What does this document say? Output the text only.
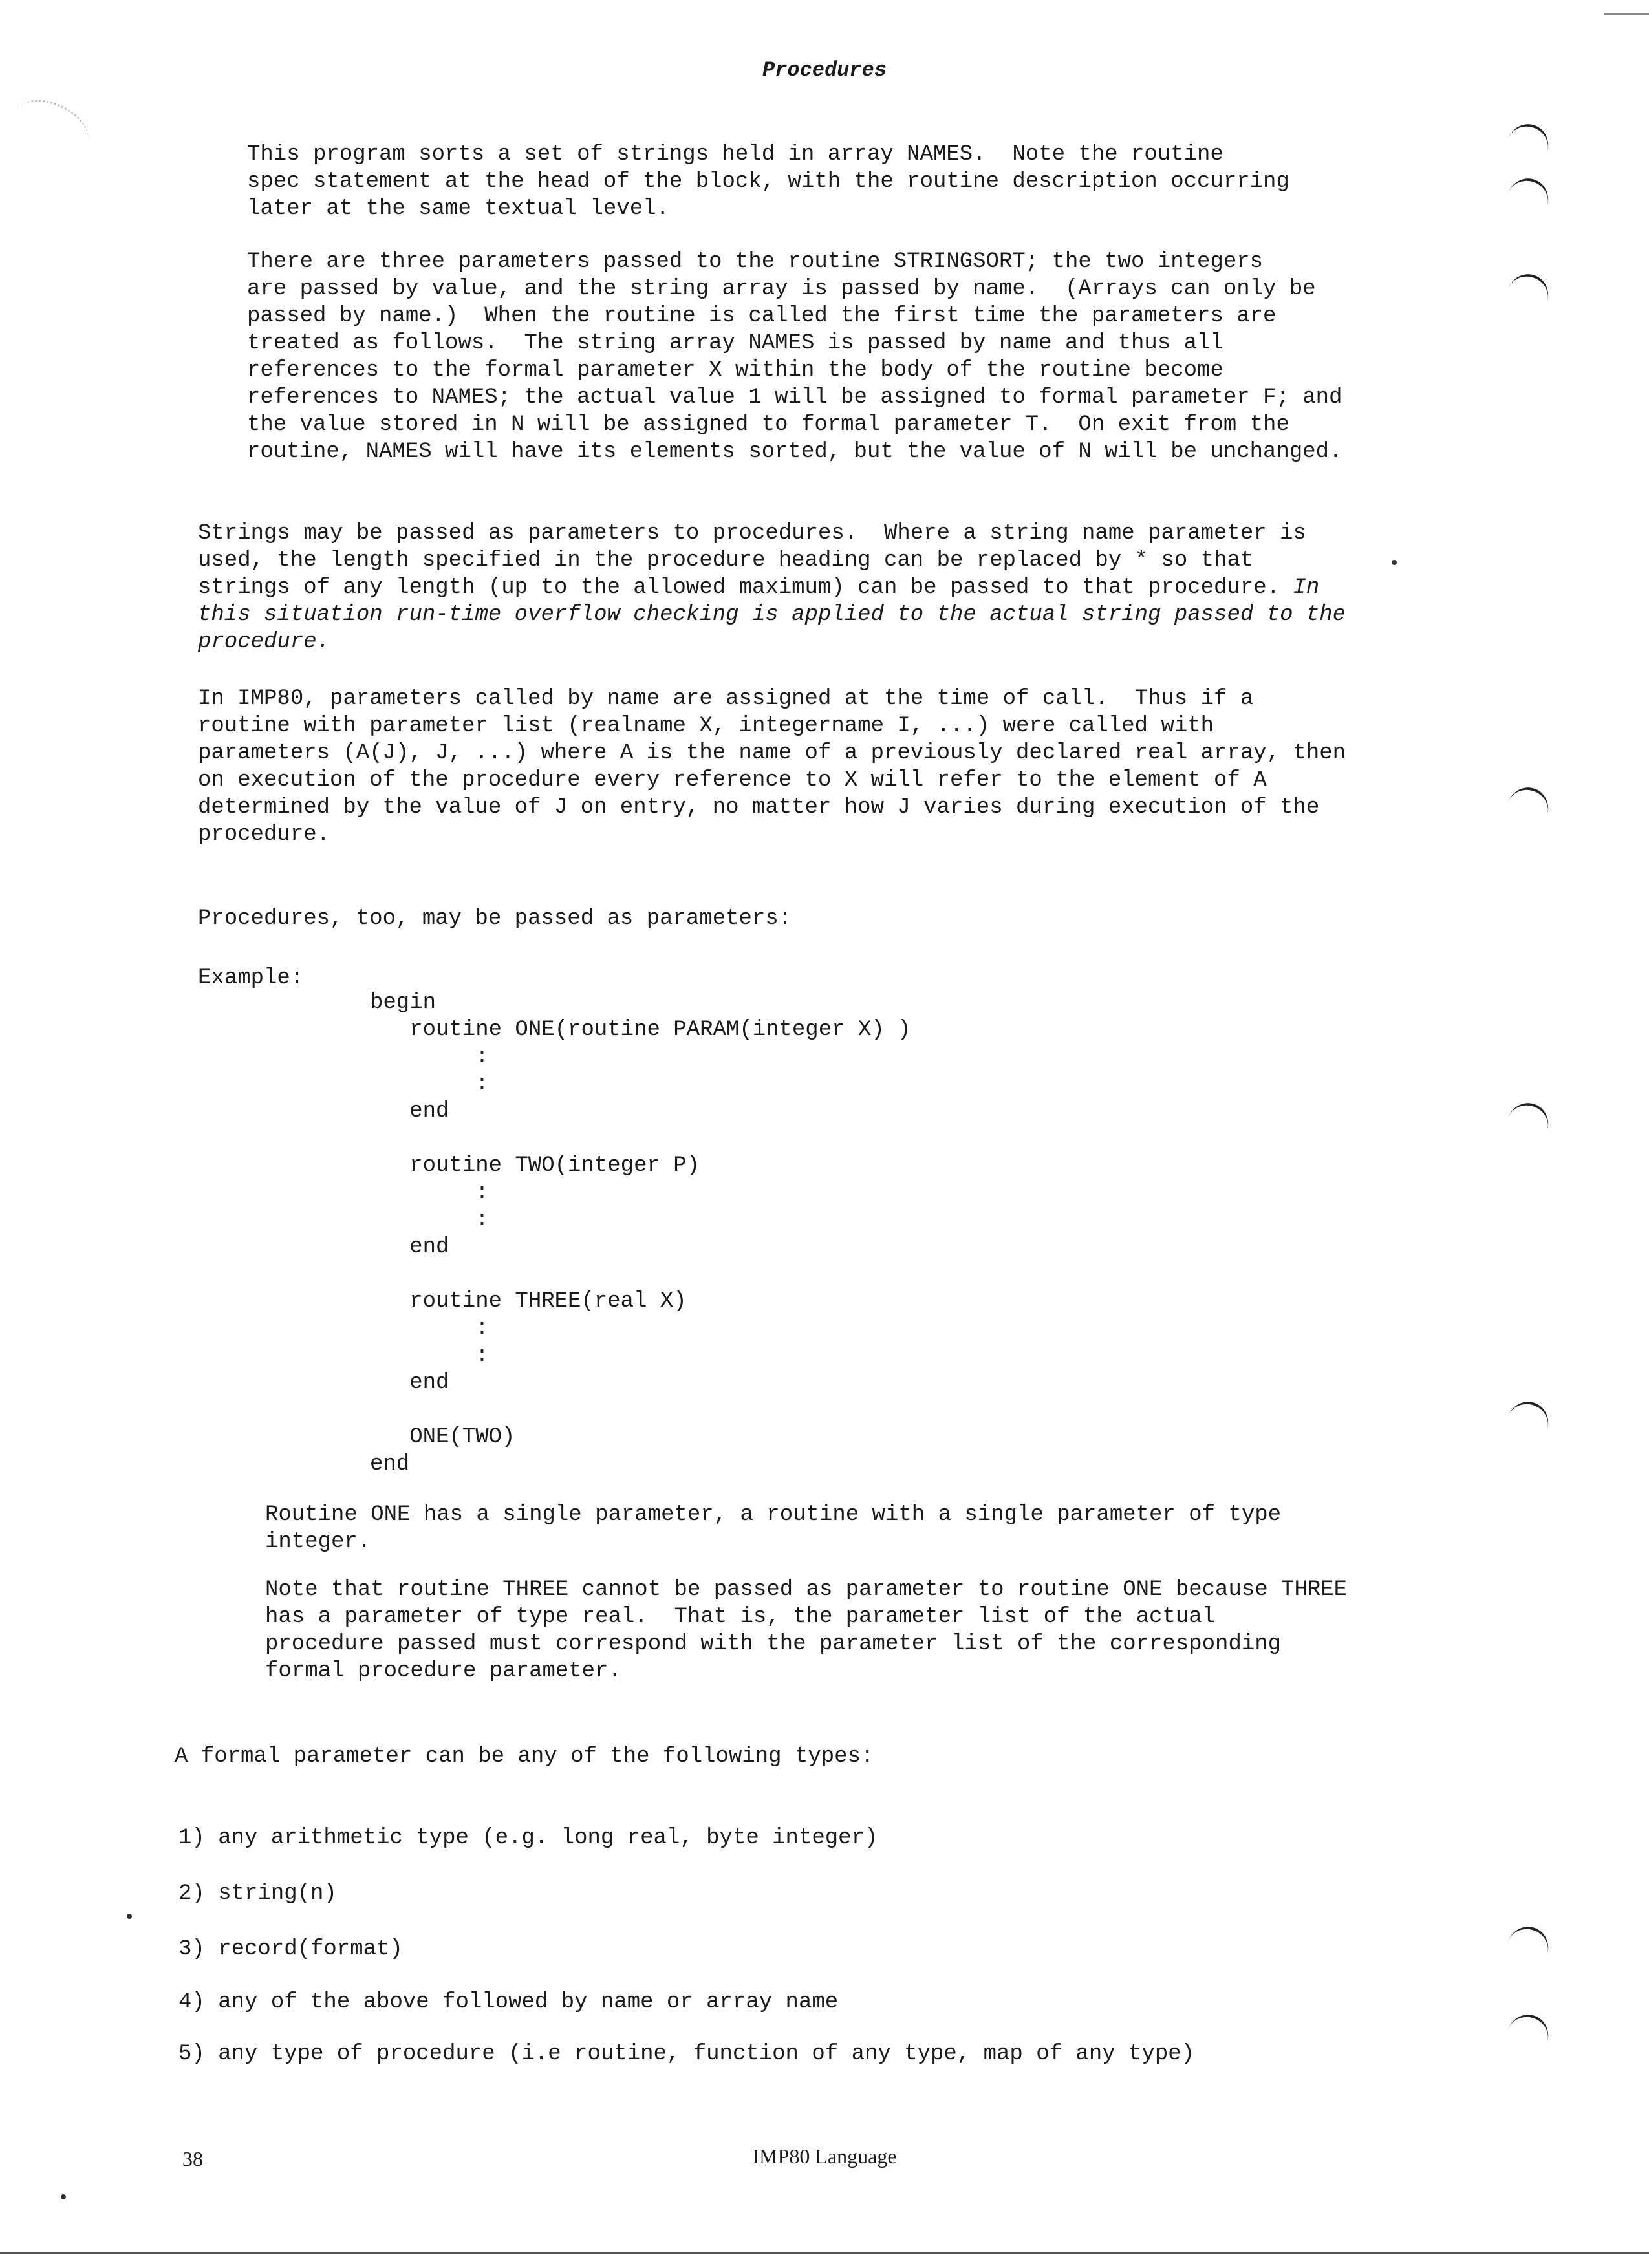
Procedures

This program sorts a set of strings held in array NAMES.  Note the routine
spec statement at the head of the block, with the routine description occurring
later at the same textual level.

There are three parameters passed to the routine STRINGSORT; the two integers
are passed by value, and the string array is passed by name.  (Arrays can only be
passed by name.)  When the routine is called the first time the parameters are
treated as follows.  The string array NAMES is passed by name and thus all
references to the formal parameter X within the body of the routine become
references to NAMES; the actual value 1 will be assigned to formal parameter F; and
the value stored in N will be assigned to formal parameter T.  On exit from the
routine, NAMES will have its elements sorted, but the value of N will be unchanged.

Strings may be passed as parameters to procedures.  Where a string name parameter is
used, the length specified in the procedure heading can be replaced by * so that
strings of any length (up to the allowed maximum) can be passed to that procedure. In
this situation run-time overflow checking is applied to the actual string passed to the
procedure.

In IMP80, parameters called by name are assigned at the time of call.  Thus if a
routine with parameter list (realname X, integername I, ...) were called with
parameters (A(J), J, ...) where A is the name of a previously declared real array, then
on execution of the procedure every reference to X will refer to the element of A
determined by the value of J on entry, no matter how J varies during execution of the
procedure.

Procedures, too, may be passed as parameters:

Example:

begin
routine ONE(routine PARAM(integer X) )
:
:
end

routine TWO(integer P)
:
:
end

routine THREE(real X)
:
:
end

ONE(TWO)
end

Routine ONE has a single parameter, a routine with a single parameter of type
integer.

Note that routine THREE cannot be passed as parameter to routine ONE because THREE
has a parameter of type real.  That is, the parameter list of the actual
procedure passed must correspond with the parameter list of the corresponding
formal procedure parameter.

A formal parameter can be any of the following types:

1) any arithmetic type (e.g. long real, byte integer)

2) string(n)

3) record(format)

4) any of the above followed by name or array name

5) any type of procedure (i.e routine, function of any type, map of any type)

38	IMP80 Language
